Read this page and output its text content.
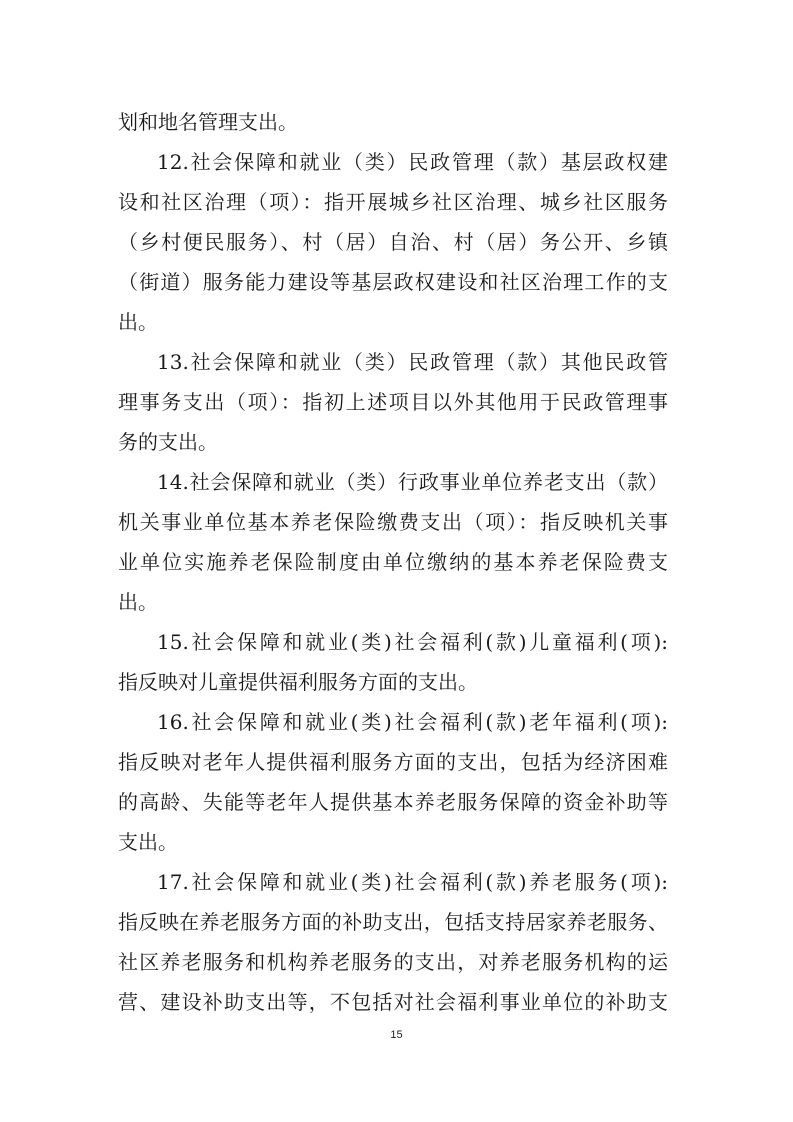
划和地名管理支出。
12.社会保障和就业（类）民政管理（款）基层政权建
设和社区治理（项）：指开展城乡社区治理、城乡社区服务
（乡村便民服务）、村（居）自治、村（居）务公开、乡镇
（街道）服务能力建设等基层政权建设和社区治理工作的支
出。
13.社会保障和就业（类）民政管理（款）其他民政管
理事务支出（项）：指初上述项目以外其他用于民政管理事
务的支出。
14.社会保障和就业（类）行政事业单位养老支出（款）
机关事业单位基本养老保险缴费支出（项）：指反映机关事
业单位实施养老保险制度由单位缴纳的基本养老保险费支
出。
15.社会保障和就业(类)社会福利(款)儿童福利(项):
指反映对儿童提供福利服务方面的支出。
16.社会保障和就业(类)社会福利(款)老年福利(项):
指反映对老年人提供福利服务方面的支出，包括为经济困难
的高龄、失能等老年人提供基本养老服务保障的资金补助等
支出。
17.社会保障和就业(类)社会福利(款)养老服务(项):
指反映在养老服务方面的补助支出，包括支持居家养老服务、
社区养老服务和机构养老服务的支出，对养老服务机构的运
营、建设补助支出等，不包括对社会福利事业单位的补助支
15
